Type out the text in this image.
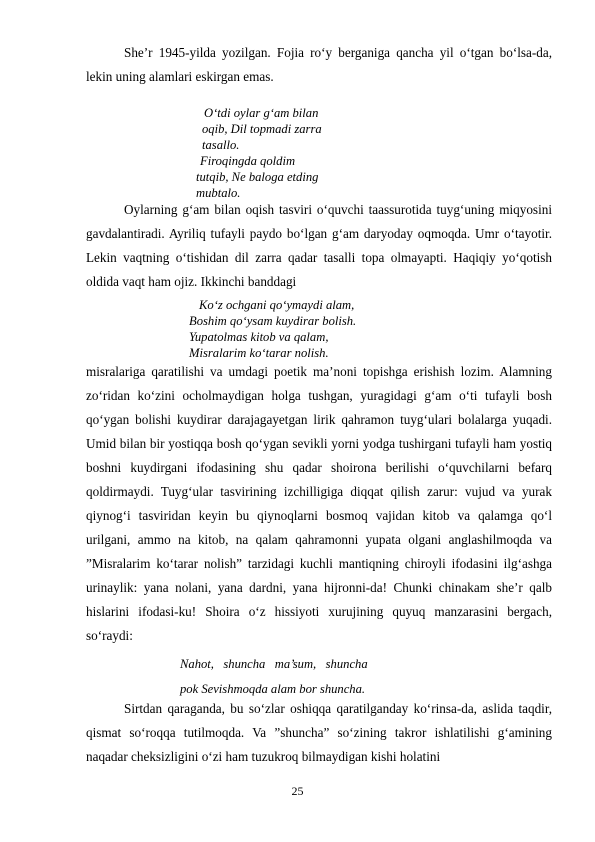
She’r 1945-yilda yozilgan. Fojia ro‘y berganiga qancha yil o‘tgan bo‘lsa-da, lekin uning alamlari eskirgan emas.

O‘tdi oylar g‘am bilan
oqib, Dil topmadi zarra
tasallo.
Firoqingda qoldim
tutqib, Ne baloga etding
mubtalo.

Oylarning g‘am bilan oqish tasviri o‘quvchi taassurotida tuyg‘uning miqyosini gavdalantiradi. Ayriliq tufayli paydo bo‘lgan g‘am daryoday oqmoqda. Umr o‘tayotir. Lekin vaqtning o‘tishidan dil zarra qadar tasalli topa olmayapti. Haqiqiy yo‘qotish oldida vaqt ham ojiz. Ikkinchi banddagi

Ko‘z ochgani qo‘ymaydi alam,
Boshim qo‘ysam kuydirar bolish.
Yupatolmas kitob va qalam,
Misralarim ko‘tarar nolish.

misralariga qaratilishi va umdagi poetik ma’noni topishga erishish lozim. Alamning zo‘ridan ko‘zini ocholmaydigan holga tushgan, yuragidagi g‘am o‘ti tufayli bosh qo‘ygan bolishi kuydirar darajagayetgan lirik qahramon tuyg‘ulari bolalarga yuqadi. Umid bilan bir yostiqqa bosh qo‘ygan sevikli yorni yodga tushirgani tufayli ham yostiq boshni kuydirgani ifodasining shu qadar shoirona berilishi o‘quvchilarni befarq qoldirmaydi. Tuyg‘ular tasvirining izchilligiga diqqat qilish zarur: vujud va yurak qiynog‘i tasviridan keyin bu qiynoqlarni bosmoq vajidan kitob va qalamga qo‘l urilgani, ammo na kitob, na qalam qahramonni yupata olgani anglashilmoqda va ”Misralarim ko‘tarar nolish” tarzidagi kuchli mantiqning chiroyli ifodasini ilg‘ashga urinaylik: yana nolani, yana dardni, yana hijronni-da! Chunki chinakam she’r qalb hislarini ifodasi-ku! Shoira o‘z hissiyoti xurujining quyuq manzarasini bergach, so‘raydi:

Nahot,   shuncha   ma’sum,   shuncha
pok Sevishmoqda alam bor shuncha.

Sirtdan qaraganda, bu so‘zlar oshiqqa qaratilganday ko‘rinsa-da, aslida taqdir, qismat so‘roqqa tutilmoqda. Va ”shuncha” so‘zining takror ishlatilishi g‘amining naqadar cheksizligini o‘zi ham tuzukroq bilmaydigan kishi holatini

25
